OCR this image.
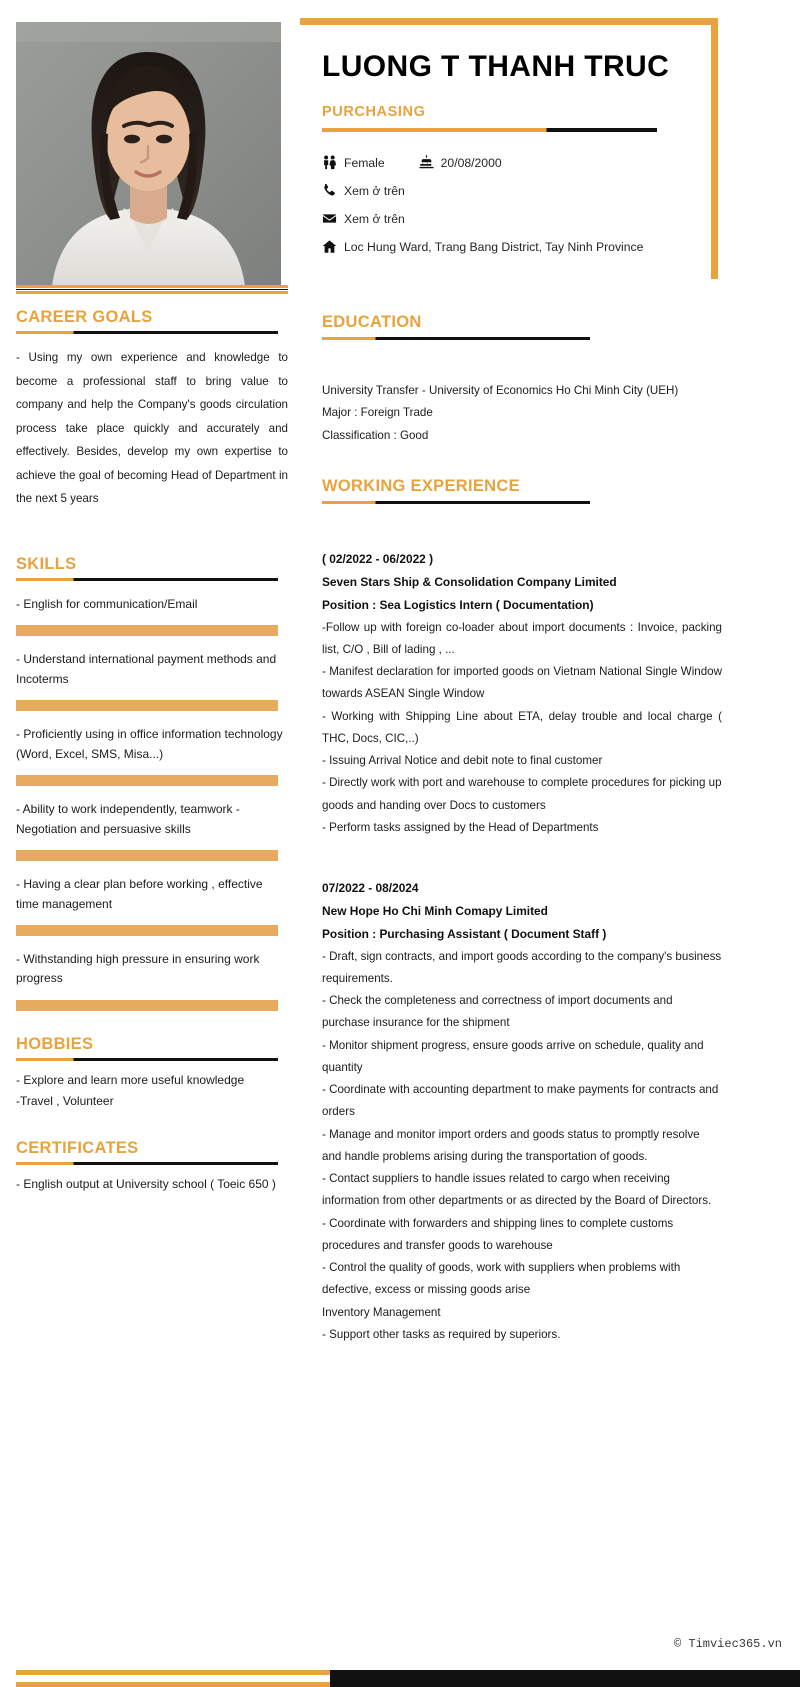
LUONG T THANH TRUC
PURCHASING
Female	20/08/2000
Xem ở trên
Xem ở trên
Loc Hung Ward, Trang Bang District, Tay Ninh Province
CAREER GOALS
- Using my own experience and knowledge to become a professional staff to bring value to company and help the Company's goods circulation process take place quickly and accurately and effectively. Besides, develop my own expertise to achieve the goal of becoming Head of Department in the next 5 years
SKILLS
- English for communication/Email
- Understand international payment methods and Incoterms
- Proficiently using in office information technology (Word, Excel, SMS, Misa...)
- Ability to work independently, teamwork - Negotiation and persuasive skills
- Having a clear plan before working , effective time management
- Withstanding high pressure in ensuring work progress
HOBBIES
- Explore and learn more useful knowledge
-Travel , Volunteer
CERTIFICATES
- English output at University school ( Toeic 650 )
EDUCATION
University Transfer - University of Economics Ho Chi Minh City (UEH)
Major : Foreign Trade
Classification : Good
WORKING EXPERIENCE
( 02/2022 - 06/2022 )
Seven Stars Ship & Consolidation Company Limited
Position : Sea Logistics Intern ( Documentation)
-Follow up with foreign co-loader about import documents : Invoice, packing list, C/O , Bill of lading , ...
- Manifest declaration for imported goods on Vietnam National Single Window towards ASEAN Single Window
- Working with Shipping Line about ETA, delay trouble and local charge ( THC, Docs, CIC,..)
- Issuing Arrival Notice and debit note to final customer
- Directly work with port and warehouse to complete procedures for picking up goods and handing over Docs to customers
- Perform tasks assigned by the Head of Departments
07/2022 - 08/2024
New Hope Ho Chi Minh Comapy Limited
Position : Purchasing Assistant ( Document Staff )
- Draft, sign contracts, and import goods according to the company's business requirements.
- Check the completeness and correctness of import documents and purchase insurance for the shipment
- Monitor shipment progress, ensure goods arrive on schedule, quality and quantity
- Coordinate with accounting department to make payments for contracts and orders
- Manage and monitor import orders and goods status to promptly resolve and handle problems arising during the transportation of goods.
- Contact suppliers to handle issues related to cargo when receiving information from other departments or as directed by the Board of Directors.
- Coordinate with forwarders and shipping lines to complete customs procedures and transfer goods to warehouse
- Control the quality of goods, work with suppliers when problems with defective, excess or missing goods arise
Inventory Management
- Support other tasks as required by superiors.
© Timviec365.vn
